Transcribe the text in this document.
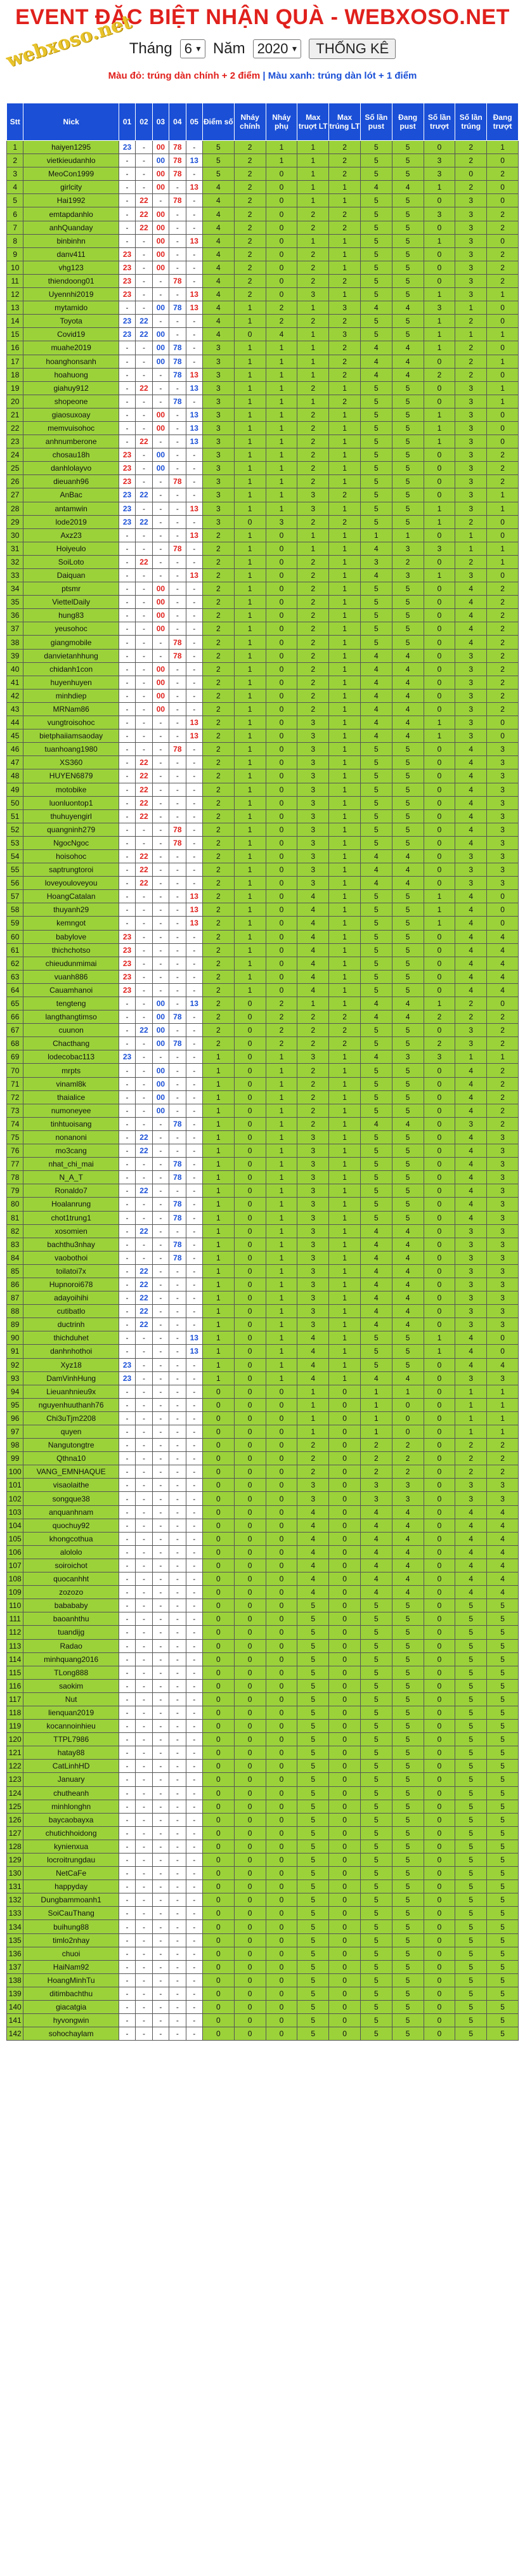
webxoso.net
EVENT ĐẶC BIỆT NHẬN QUÀ - WEBXOSO.NET
Tháng 6 ▼ Năm 2020 ▼	THỐNG KÊ
Màu đỏ: trúng dàn chính + 2 điểm | Màu xanh: trúng dàn lót + 1 điểm
Stt	Nick	01	02	03	04	05	Điểm số	Nháy chính	Nháy phụ	Max truợt LT	Max trúng LT	Số lần pust	Đang pust	Số lần trượt	Số lần trúng	Đang trượt
1	haiyen1295	23	-	00	78	-	5	2	1	1	2	5	5	0	2	1
2	vietkieudanhlo	-	-	00	78	13	5	2	1	1	2	5	5	3	2	0
3	MeoCon1999	-	-	00	78	-	5	2	0	1	2	5	5	3	0	2
4	girlcity	-	-	00	-	13	4	2	0	1	1	4	4	1	2	0
5	Hai1992	-	22	-	78	-	4	2	0	1	1	5	5	0	3	0
6	emtapdanhlo	-	22	00	-	-	4	2	0	2	2	5	5	3	3	2
7	anhQuanday	-	22	00	-	-	4	2	0	2	2	5	5	0	3	2
8	binbinhn	-	-	00	-	13	4	2	0	1	1	5	5	1	3	0
9	danv411	23	-	00	-	-	4	2	0	2	1	5	5	0	3	2
10	vhg123	23	-	00	-	-	4	2	0	2	1	5	5	0	3	2
11	thiendoong01	23	-	-	78	-	4	2	0	2	2	5	5	0	3	2
12	Uyennhi2019	23	-	-	-	13	4	2	0	3	1	5	5	1	3	1
13	mytamido	-	-	00	78	13	4	1	2	1	3	4	4	3	1	0
14	Toyota	23	22	-	-	-	4	1	2	2	2	5	5	1	2	0
15	Covid19	23	22	00	-	-	4	0	4	1	3	5	5	1	1	1
16	muahe2019	-	-	00	78	-	3	1	1	1	2	4	4	1	2	0
17	hoanghonsanh	-	-	00	78	-	3	1	1	1	2	4	4	0	2	1
18	hoahuong	-	-	-	78	13	3	1	1	1	2	4	4	2	2	0
19	giahuy912	-	22	-	-	13	3	1	1	2	1	5	5	0	3	1
20	shopeone	-	-	-	78	-	3	1	1	1	2	5	5	0	3	1
21	giaosuxoay	-	-	00	-	13	3	1	1	2	1	5	5	1	3	0
22	memvuisohoc	-	-	00	-	13	3	1	1	2	1	5	5	1	3	0
23	anhnumberone	-	22	-	-	13	3	1	1	2	1	5	5	1	3	0
24	chosau18h	23	-	00	-	-	3	1	1	2	1	5	5	0	3	2
25	danhlolayvo	23	-	00	-	-	3	1	1	2	1	5	5	0	3	2
26	dieuanh96	23	-	-	78	-	3	1	1	2	1	5	5	0	3	2
27	AnBac	23	22	-	-	-	3	1	1	3	2	5	5	0	3	1
28	antamwin	23	-	-	-	13	3	1	1	3	1	5	5	1	3	1
29	lode2019	23	22	-	-	-	3	0	3	2	2	5	5	1	2	0
30	Axz23	-	-	-	-	13	2	1	0	1	1	1	1	0	1	0
31	Hoiyeulo	-	-	-	78	-	2	1	0	1	1	4	3	3	1	1
32	SoiLoto	-	22	-	-	-	2	1	0	2	1	3	2	0	2	1
33	Daiquan	-	-	-	-	13	2	1	0	2	1	4	3	1	3	0
34	ptsmr	-	-	00	-	-	2	1	0	2	1	5	5	0	4	2
35	ViettelDaily	-	-	00	-	-	2	1	0	2	1	5	5	0	4	2
36	hung83	-	-	00	-	-	2	1	0	2	1	5	5	0	4	2
37	yeusohoc	-	-	00	-	-	2	1	0	2	1	5	5	0	4	2
38	giangmobile	-	-	-	78	-	2	1	0	2	1	5	5	0	4	2
39	danvietanhhung	-	-	-	78	-	2	1	0	2	1	4	4	0	3	2
40	chidanh1con	-	-	00	-	-	2	1	0	2	1	4	4	0	3	2
41	huyenhuyen	-	-	00	-	-	2	1	0	2	1	4	4	0	3	2
42	minhdiep	-	-	00	-	-	2	1	0	2	1	4	4	0	3	2
43	MRNam86	-	-	00	-	-	2	1	0	2	1	4	4	0	3	2
44	vungtroisohoc	-	-	-	-	13	2	1	0	3	1	4	4	1	3	0
45	bietphaiiamsaoday	-	-	-	-	13	2	1	0	3	1	4	4	1	3	0
46	tuanhoang1980	-	-	-	78	-	2	1	0	3	1	5	5	0	4	3
47	XS360	-	22	-	-	-	2	1	0	3	1	5	5	0	4	3
48	HUYEN6879	-	22	-	-	-	2	1	0	3	1	5	5	0	4	3
49	motobike	-	22	-	-	-	2	1	0	3	1	5	5	0	4	3
50	luonluontop1	-	22	-	-	-	2	1	0	3	1	5	5	0	4	3
51	thuhuyengirl	-	22	-	-	-	2	1	0	3	1	5	5	0	4	3
52	quangninh279	-	-	-	78	-	2	1	0	3	1	5	5	0	4	3
53	NgocNgoc	-	-	-	78	-	2	1	0	3	1	5	5	0	4	3
54	hoisohoc	-	22	-	-	-	2	1	0	3	1	4	4	0	3	3
55	saptrungtoroi	-	22	-	-	-	2	1	0	3	1	4	4	0	3	3
56	loveyouloveyou	-	22	-	-	-	2	1	0	3	1	4	4	0	3	3
57	HoangCatalan	-	-	-	-	13	2	1	0	4	1	5	5	1	4	0
58	thuyanh29	-	-	-	-	13	2	1	0	4	1	5	5	1	4	0
59	kemngot	-	-	-	-	13	2	1	0	4	1	5	5	1	4	0
60	babylove	23	-	-	-	-	2	1	0	4	1	5	5	0	4	4
61	thichchotso	23	-	-	-	-	2	1	0	4	1	5	5	0	4	4
62	chieudunmimai	23	-	-	-	-	2	1	0	4	1	5	5	0	4	4
63	vuanh886	23	-	-	-	-	2	1	0	4	1	5	5	0	4	4
64	Cauamhanoi	23	-	-	-	-	2	1	0	4	1	5	5	0	4	4
65	tengteng	-	-	00	-	13	2	0	2	1	1	4	4	1	2	0
66	langthangtimso	-	-	00	78	-	2	0	2	2	2	4	4	2	2	2
67	cuunon	-	22	00	-	-	2	0	2	2	2	5	5	0	3	2
68	Chacthang	-	-	00	78	-	2	0	2	2	2	5	5	2	3	2
69	lodecobac113	23	-	-	-	-	1	0	1	3	1	4	3	3	1	1
70	mrpts	-	-	00	-	-	1	0	1	2	1	5	5	0	4	2
71	vinaml8k	-	-	00	-	-	1	0	1	2	1	5	5	0	4	2
72	thaialice	-	-	00	-	-	1	0	1	2	1	5	5	0	4	2
73	numoneyee	-	-	00	-	-	1	0	1	2	1	5	5	0	4	2
74	tinhtuoisang	-	-	-	78	-	1	0	1	2	1	4	4	0	3	2
75	nonanoni	-	22	-	-	-	1	0	1	3	1	5	5	0	4	3
76	mo3cang	-	22	-	-	-	1	0	1	3	1	5	5	0	4	3
77	nhat_chi_mai	-	-	-	78	-	1	0	1	3	1	5	5	0	4	3
78	N_A_T	-	-	-	78	-	1	0	1	3	1	5	5	0	4	3
79	Ronaldo7	-	22	-	-	-	1	0	1	3	1	5	5	0	4	3
80	Hoalanrung	-	-	-	78	-	1	0	1	3	1	5	5	0	4	3
81	chot1trung1	-	-	-	78	-	1	0	1	3	1	5	5	0	4	3
82	xosomien	-	22	-	-	-	1	0	1	3	1	4	4	0	3	3
83	bachthu3nhay	-	-	-	78	-	1	0	1	3	1	4	4	0	3	3
84	vaobothoi	-	-	-	78	-	1	0	1	3	1	4	4	0	3	3
85	toilatoi7x	-	22	-	-	-	1	0	1	3	1	4	4	0	3	3
86	Hupnoroi678	-	22	-	-	-	1	0	1	3	1	4	4	0	3	3
87	adayoihihi	-	22	-	-	-	1	0	1	3	1	4	4	0	3	3
88	cutibatlo	-	22	-	-	-	1	0	1	3	1	4	4	0	3	3
89	ductrinh	-	22	-	-	-	1	0	1	3	1	4	4	0	3	3
90	thichduhet	-	-	-	-	13	1	0	1	4	1	5	5	1	4	0
91	danhnhothoi	-	-	-	-	13	1	0	1	4	1	5	5	1	4	0
92	Xyz18	23	-	-	-	-	1	0	1	4	1	5	5	0	4	4
93	DamVinhHung	23	-	-	-	-	1	0	1	4	1	4	4	0	3	3
94	Lieuanhnieu9x	-	-	-	-	-	0	0	0	1	0	1	1	0	1	1
95	nguyenhuuthanh76	-	-	-	-	-	0	0	0	1	0	1	0	0	1	1
96	Chi3uTjm2208	-	-	-	-	-	0	0	0	1	0	1	0	0	1	1
97	quyen	-	-	-	-	-	0	0	0	1	0	1	0	0	1	1
98	Nangutongtre	-	-	-	-	-	0	0	0	2	0	2	2	0	2	2
99	Qthna10	-	-	-	-	-	0	0	0	2	0	2	2	0	2	2
100	VANG_EMNHAQUE	-	-	-	-	-	0	0	0	2	0	2	2	0	2	2
101	visaolaithe	-	-	-	-	-	0	0	0	3	0	3	3	0	3	3
102	songque38	-	-	-	-	-	0	0	0	3	0	3	3	0	3	3
103	anquanhnam	-	-	-	-	-	0	0	0	4	0	4	4	0	4	4
104	quochuy92	-	-	-	-	-	0	0	0	4	0	4	4	0	4	4
105	khongcothua	-	-	-	-	-	0	0	0	4	0	4	4	0	4	4
106	alololo	-	-	-	-	-	0	0	0	4	0	4	4	0	4	4
107	soiroichot	-	-	-	-	-	0	0	0	4	0	4	4	0	4	4
108	quocanhht	-	-	-	-	-	0	0	0	4	0	4	4	0	4	4
109	zozozo	-	-	-	-	-	0	0	0	4	0	4	4	0	4	4
110	babababy	-	-	-	-	-	0	0	0	5	0	5	5	0	5	5
111	baoanhthu	-	-	-	-	-	0	0	0	5	0	5	5	0	5	5
112	tuandijg	-	-	-	-	-	0	0	0	5	0	5	5	0	5	5
113	Radao	-	-	-	-	-	0	0	0	5	0	5	5	0	5	5
114	minhquang2016	-	-	-	-	-	0	0	0	5	0	5	5	0	5	5
115	TLong888	-	-	-	-	-	0	0	0	5	0	5	5	0	5	5
116	saokim	-	-	-	-	-	0	0	0	5	0	5	5	0	5	5
117	Nut	-	-	-	-	-	0	0	0	5	0	5	5	0	5	5
118	lienquan2019	-	-	-	-	-	0	0	0	5	0	5	5	0	5	5
119	kocannoinhieu	-	-	-	-	-	0	0	0	5	0	5	5	0	5	5
120	TTPL7986	-	-	-	-	-	0	0	0	5	0	5	5	0	5	5
121	hatay88	-	-	-	-	-	0	0	0	5	0	5	5	0	5	5
122	CatLinhHD	-	-	-	-	-	0	0	0	5	0	5	5	0	5	5
123	January	-	-	-	-	-	0	0	0	5	0	5	5	0	5	5
124	chutheanh	-	-	-	-	-	0	0	0	5	0	5	5	0	5	5
125	minhlonghn	-	-	-	-	-	0	0	0	5	0	5	5	0	5	5
126	baycaobayxa	-	-	-	-	-	0	0	0	5	0	5	5	0	5	5
127	chutichhoidong	-	-	-	-	-	0	0	0	5	0	5	5	0	5	5
128	kynienxua	-	-	-	-	-	0	0	0	5	0	5	5	0	5	5
129	locroitrungdau	-	-	-	-	-	0	0	0	5	0	5	5	0	5	5
130	NetCaFe	-	-	-	-	-	0	0	0	5	0	5	5	0	5	5
131	happyday	-	-	-	-	-	0	0	0	5	0	5	5	0	5	5
132	Dungbammoanh1	-	-	-	-	-	0	0	0	5	0	5	5	0	5	5
133	SoiCauThang	-	-	-	-	-	0	0	0	5	0	5	5	0	5	5
134	buihung88	-	-	-	-	-	0	0	0	5	0	5	5	0	5	5
135	timlo2nhay	-	-	-	-	-	0	0	0	5	0	5	5	0	5	5
136	chuoi	-	-	-	-	-	0	0	0	5	0	5	5	0	5	5
137	HaiNam92	-	-	-	-	-	0	0	0	5	0	5	5	0	5	5
138	HoangMinhTu	-	-	-	-	-	0	0	0	5	0	5	5	0	5	5
139	ditimbachthu	-	-	-	-	-	0	0	0	5	0	5	5	0	5	5
140	giacatgia	-	-	-	-	-	0	0	0	5	0	5	5	0	5	5
141	hyvongwin	-	-	-	-	-	0	0	0	5	0	5	5	0	5	5
142	sohochaylam	-	-	-	-	-	0	0	0	5	0	5	5	0	5	5
